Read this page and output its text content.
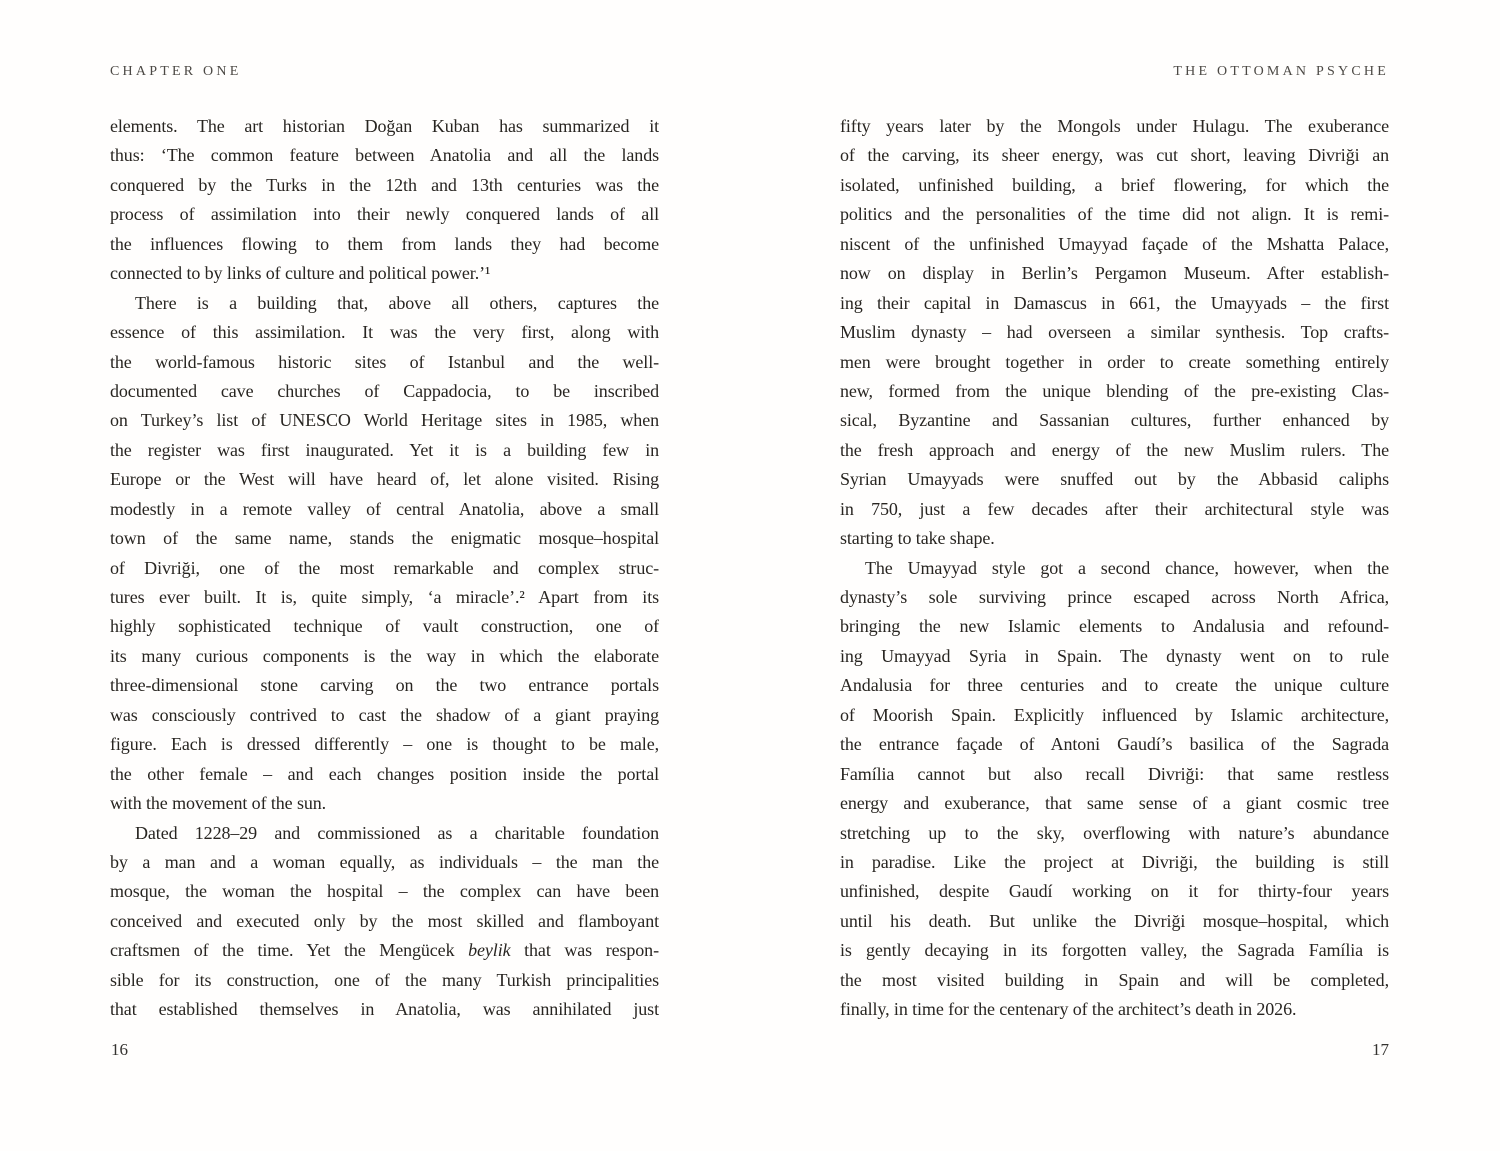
CHAPTER ONE
elements. The art historian Doğan Kuban has summarized it
thus: ‘The common feature between Anatolia and all the lands
conquered by the Turks in the 12th and 13th centuries was the
process of assimilation into their newly conquered lands of all
the influences flowing to them from lands they had become
connected to by links of culture and political power.’¹
There is a building that, above all others, captures the
essence of this assimilation. It was the very first, along with
the world-famous historic sites of Istanbul and the well-
documented cave churches of Cappadocia, to be inscribed
on Turkey’s list of UNESCO World Heritage sites in 1985, when
the register was first inaugurated. Yet it is a building few in
Europe or the West will have heard of, let alone visited. Rising
modestly in a remote valley of central Anatolia, above a small
town of the same name, stands the enigmatic mosque–hospital
of Divriği, one of the most remarkable and complex struc-
tures ever built. It is, quite simply, ‘a miracle’.² Apart from its
highly sophisticated technique of vault construction, one of
its many curious components is the way in which the elaborate
three-dimensional stone carving on the two entrance portals
was consciously contrived to cast the shadow of a giant praying
figure. Each is dressed differently – one is thought to be male,
the other female – and each changes position inside the portal
with the movement of the sun.
Dated 1228–29 and commissioned as a charitable foundation
by a man and a woman equally, as individuals – the man the
mosque, the woman the hospital – the complex can have been
conceived and executed only by the most skilled and flamboyant
craftsmen of the time. Yet the Mengücek beylik that was respon-
sible for its construction, one of the many Turkish principalities
that established themselves in Anatolia, was annihilated just
16
THE OTTOMAN PSYCHE
fifty years later by the Mongols under Hulagu. The exuberance
of the carving, its sheer energy, was cut short, leaving Divriği an
isolated, unfinished building, a brief flowering, for which the
politics and the personalities of the time did not align. It is remi-
niscent of the unfinished Umayyad façade of the Mshatta Palace,
now on display in Berlin’s Pergamon Museum. After establish-
ing their capital in Damascus in 661, the Umayyads – the first
Muslim dynasty – had overseen a similar synthesis. Top crafts-
men were brought together in order to create something entirely
new, formed from the unique blending of the pre-existing Clas-
sical, Byzantine and Sassanian cultures, further enhanced by
the fresh approach and energy of the new Muslim rulers. The
Syrian Umayyads were snuffed out by the Abbasid caliphs
in 750, just a few decades after their architectural style was
starting to take shape.
The Umayyad style got a second chance, however, when the
dynasty’s sole surviving prince escaped across North Africa,
bringing the new Islamic elements to Andalusia and refound-
ing Umayyad Syria in Spain. The dynasty went on to rule
Andalusia for three centuries and to create the unique culture
of Moorish Spain. Explicitly influenced by Islamic architecture,
the entrance façade of Antoni Gaudí’s basilica of the Sagrada
Família cannot but also recall Divriği: that same restless
energy and exuberance, that same sense of a giant cosmic tree
stretching up to the sky, overflowing with nature’s abundance
in paradise. Like the project at Divriği, the building is still
unfinished, despite Gaudí working on it for thirty-four years
until his death. But unlike the Divriği mosque–hospital, which
is gently decaying in its forgotten valley, the Sagrada Família is
the most visited building in Spain and will be completed,
finally, in time for the centenary of the architect’s death in 2026.
17
